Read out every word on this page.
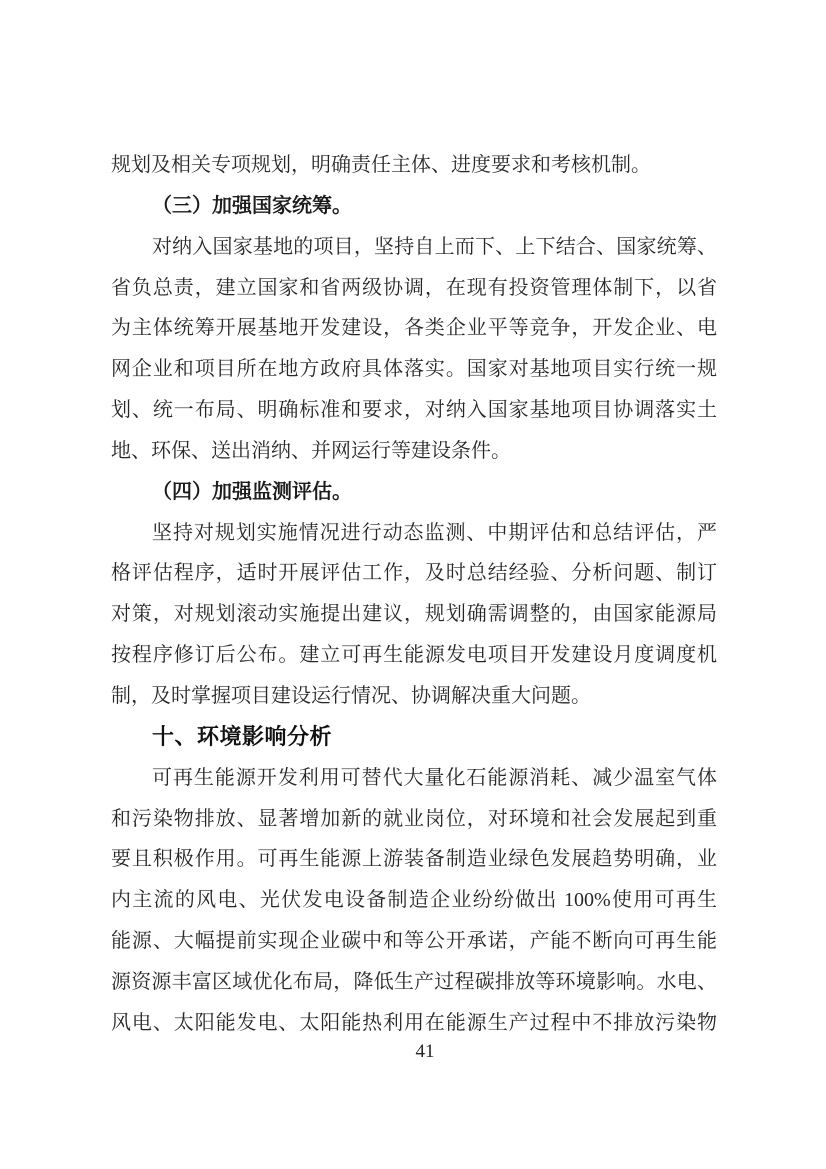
规划及相关专项规划，明确责任主体、进度要求和考核机制。
（三）加强国家统筹。
对纳入国家基地的项目，坚持自上而下、上下结合、国家统筹、
省负总责，建立国家和省两级协调，在现有投资管理体制下，以省
为主体统筹开展基地开发建设，各类企业平等竞争，开发企业、电
网企业和项目所在地方政府具体落实。国家对基地项目实行统一规
划、统一布局、明确标准和要求，对纳入国家基地项目协调落实土
地、环保、送出消纳、并网运行等建设条件。
（四）加强监测评估。
坚持对规划实施情况进行动态监测、中期评估和总结评估，严
格评估程序，适时开展评估工作，及时总结经验、分析问题、制订
对策，对规划滚动实施提出建议，规划确需调整的，由国家能源局
按程序修订后公布。建立可再生能源发电项目开发建设月度调度机
制，及时掌握项目建设运行情况、协调解决重大问题。
十、环境影响分析
可再生能源开发利用可替代大量化石能源消耗、减少温室气体
和污染物排放、显著增加新的就业岗位，对环境和社会发展起到重
要且积极作用。可再生能源上游装备制造业绿色发展趋势明确，业
内主流的风电、光伏发电设备制造企业纷纷做出 100%使用可再生
能源、大幅提前实现企业碳中和等公开承诺，产能不断向可再生能
源资源丰富区域优化布局，降低生产过程碳排放等环境影响。水电、
风电、太阳能发电、太阳能热利用在能源生产过程中不排放污染物
41
